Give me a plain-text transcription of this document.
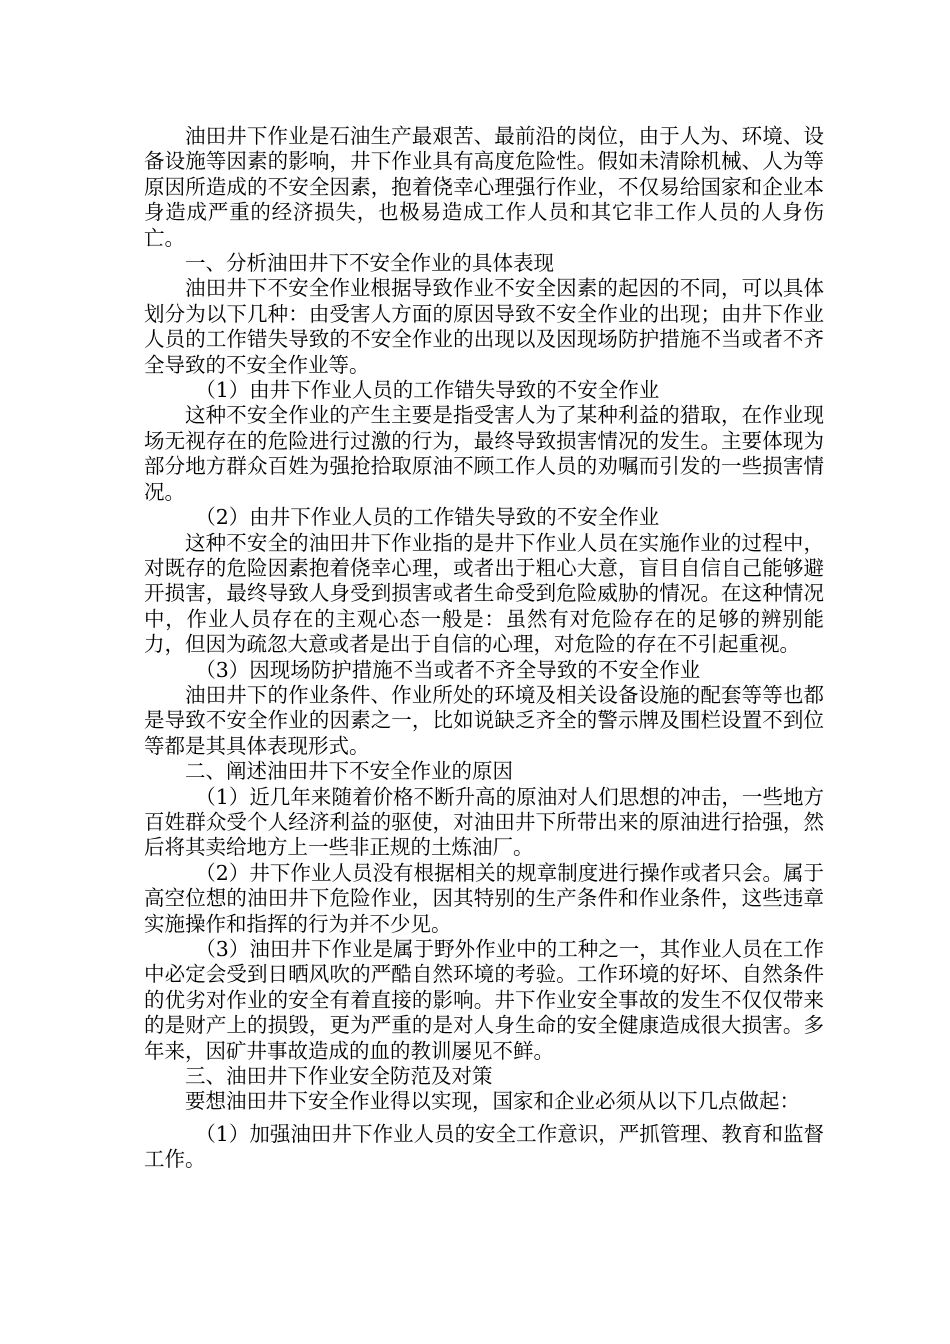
油田井下作业是石油生产最艰苦、最前沿的岗位，由于人为、环境、设备设施等因素的影响，井下作业具有高度危险性。假如未清除机械、人为等原因所造成的不安全因素，抱着侥幸心理强行作业，不仅易给国家和企业本身造成严重的经济损失，也极易造成工作人员和其它非工作人员的人身伤亡。

一、分析油田井下不安全作业的具体表现

油田井下不安全作业根据导致作业不安全因素的起因的不同，可以具体划分为以下几种：由受害人方面的原因导致不安全作业的出现；由井下作业人员的工作错失导致的不安全作业的出现以及因现场防护措施不当或者不齐全导致的不安全作业等。

（1）由井下作业人员的工作错失导致的不安全作业

这种不安全作业的产生主要是指受害人为了某种利益的猎取，在作业现场无视存在的危险进行过激的行为，最终导致损害情况的发生。主要体现为部分地方群众百姓为强抢拾取原油不顾工作人员的劝嘱而引发的一些损害情况。

（2）由井下作业人员的工作错失导致的不安全作业

这种不安全的油田井下作业指的是井下作业人员在实施作业的过程中，对既存的危险因素抱着侥幸心理，或者出于粗心大意，盲目自信自己能够避开损害，最终导致人身受到损害或者生命受到危险威胁的情况。在这种情况中，作业人员存在的主观心态一般是：虽然有对危险存在的足够的辨别能力，但因为疏忽大意或者是出于自信的心理，对危险的存在不引起重视。

（3）因现场防护措施不当或者不齐全导致的不安全作业

油田井下的作业条件、作业所处的环境及相关设备设施的配套等等也都是导致不安全作业的因素之一，比如说缺乏齐全的警示牌及围栏设置不到位等都是其具体表现形式。

二、阐述油田井下不安全作业的原因

（1）近几年来随着价格不断升高的原油对人们思想的冲击，一些地方百姓群众受个人经济利益的驱使，对油田井下所带出来的原油进行拾强，然后将其卖给地方上一些非正规的土炼油厂。

（2）井下作业人员没有根据相关的规章制度进行操作或者只会。属于高空位想的油田井下危险作业，因其特别的生产条件和作业条件，这些违章实施操作和指挥的行为并不少见。

（3）油田井下作业是属于野外作业中的工种之一，其作业人员在工作中必定会受到日晒风吹的严酷自然环境的考验。工作环境的好坏、自然条件的优劣对作业的安全有着直接的影响。井下作业安全事故的发生不仅仅带来的是财产上的损毁，更为严重的是对人身生命的安全健康造成很大损害。多年来，因矿井事故造成的血的教训屡见不鲜。

三、油田井下作业安全防范及对策

要想油田井下安全作业得以实现，国家和企业必须从以下几点做起：

（1）加强油田井下作业人员的安全工作意识，严抓管理、教育和监督工作。
